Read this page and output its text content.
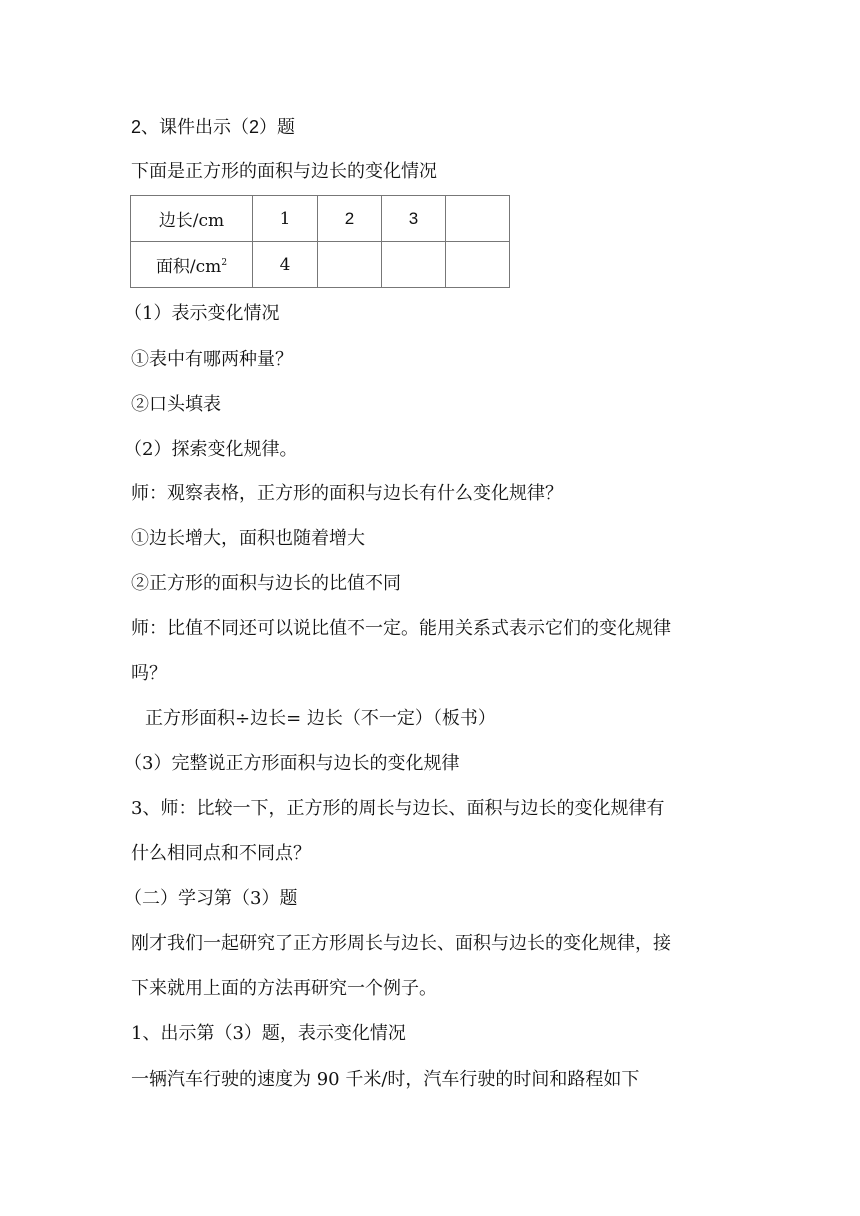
2、课件出示（2）题
下面是正方形的面积与边长的变化情况
边长/cm	1	2	3	
面积$/cm^2$	4			
（1）表示变化情况
①表中有哪两种量？
②口头填表
（2）探索变化规律。
师：观察表格，正方形的面积与边长有什么变化规律？
①边长增大，面积也随着增大
②正方形的面积与边长的比值不同
师：比值不同还可以说比值不一定。能用关系式表示它们的变化规律
吗？
正方形面积÷边长= 边长（不一定）（板书）
（3）完整说正方形面积与边长的变化规律
3、师：比较一下，正方形的周长与边长、面积与边长的变化规律有
什么相同点和不同点？
（二）学习第（3）题
刚才我们一起研究了正方形周长与边长、面积与边长的变化规律，接
下来就用上面的方法再研究一个例子。
1、出示第（3）题，表示变化情况
一辆汽车行驶的速度为 90 千米/时，汽车行驶的时间和路程如下
